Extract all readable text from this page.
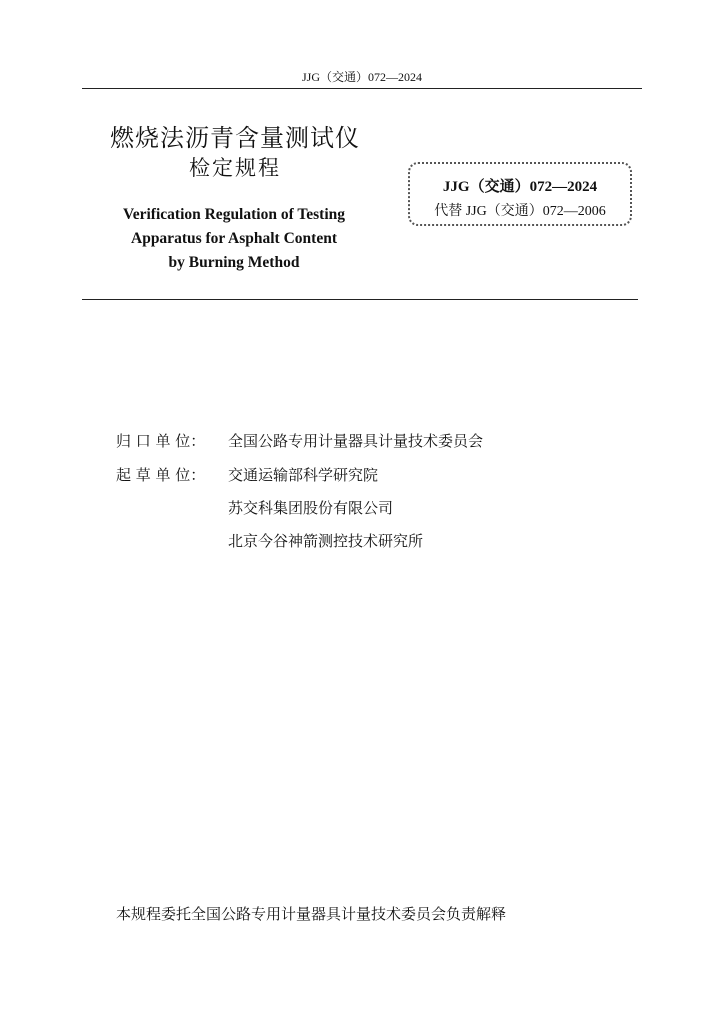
JJG（交通）072—2024
燃烧法沥青含量测试仪
检定规程
Verification Regulation of Testing
Apparatus for Asphalt Content
by Burning Method
JJG（交通）072—2024
代替 JJG（交通）072—2006
归 口 单 位： 全国公路专用计量器具计量技术委员会
起 草 单 位： 交通运输部科学研究院
苏交科集团股份有限公司
北京今谷神箭测控技术研究所
本规程委托全国公路专用计量器具计量技术委员会负责解释
